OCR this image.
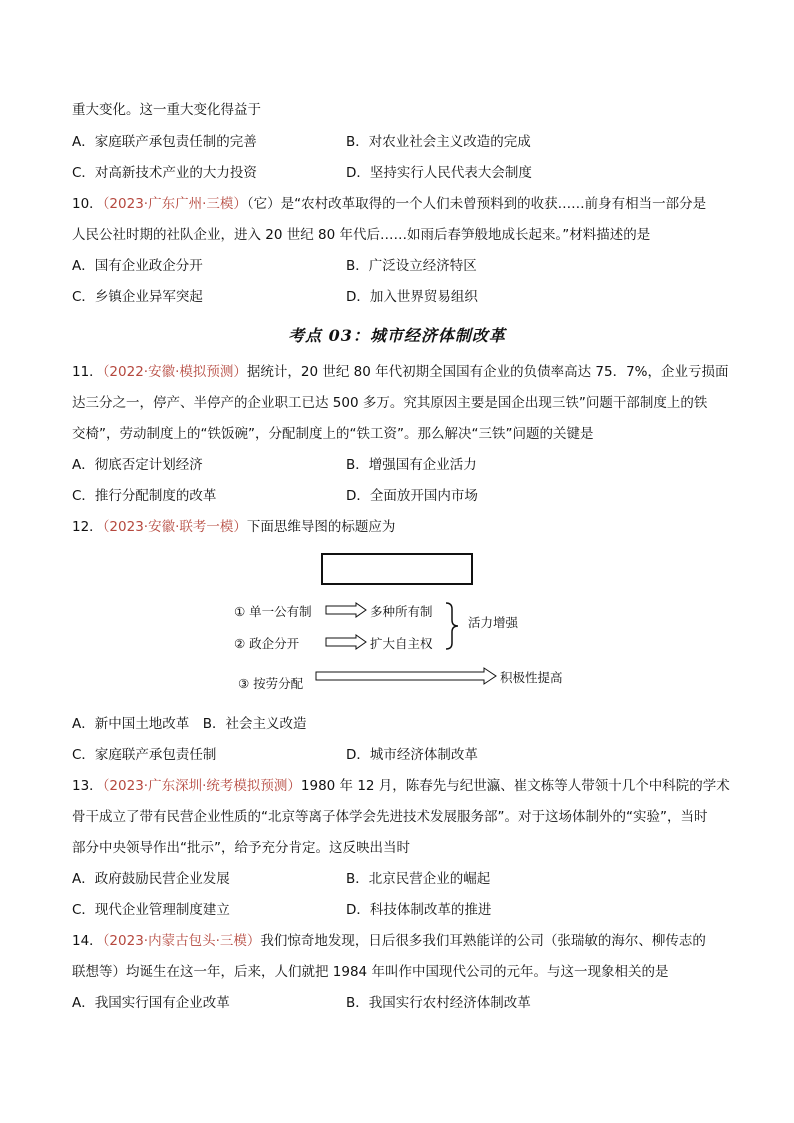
重大变化。这一重大变化得益于
A．家庭联产承包责任制的完善	B．对农业社会主义改造的完成
C．对高新技术产业的大力投资	D．坚持实行人民代表大会制度
10．（2023·广东广州·三模）（它）是“农村改革取得的一个人们未曾预料到的收获……前身有相当一部分是
人民公社时期的社队企业，进入 20 世纪 80 年代后……如雨后春笋般地成长起来。”材料描述的是
A．国有企业政企分开	B．广泛设立经济特区
C．乡镇企业异军突起	D．加入世界贸易组织
考点 03：城市经济体制改革
11．（2022·安徽·模拟预测）据统计，20 世纪 80 年代初期全国国有企业的负债率高达 75．7%，企业亏损面
达三分之一，停产、半停产的企业职工已达 500 多万。究其原因主要是国企出现三铁”问题干部制度上的铁
交椅”，劳动制度上的“铁饭碗”，分配制度上的“铁工资”。那么解决“三铁”问题的关键是
A．彻底否定计划经济	B．增强国有企业活力
C．推行分配制度的改革	D．全面放开国内市场
12．（2023·安徽·联考一模）下面思维导图的标题应为
① 单一公有制	多种所有制
② 政企分开	扩大自主权
活力增强
③ 按劳分配	积极性提高
A．新中国土地改革　B．社会主义改造
C．家庭联产承包责任制	D．城市经济体制改革
13．（2023·广东深圳·统考模拟预测）1980 年 12 月，陈春先与纪世瀛、崔文栋等人带领十几个中科院的学术
骨干成立了带有民营企业性质的“北京等离子体学会先进技术发展服务部”。对于这场体制外的“实验”，当时
部分中央领导作出“批示”，给予充分肯定。这反映出当时
A．政府鼓励民营企业发展	B．北京民营企业的崛起
C．现代企业管理制度建立	D．科技体制改革的推进
14．（2023·内蒙古包头·三模）我们惊奇地发现，日后很多我们耳熟能详的公司（张瑞敏的海尔、柳传志的
联想等）均诞生在这一年，后来，人们就把 1984 年叫作中国现代公司的元年。与这一现象相关的是
A．我国实行国有企业改革	B．我国实行农村经济体制改革
